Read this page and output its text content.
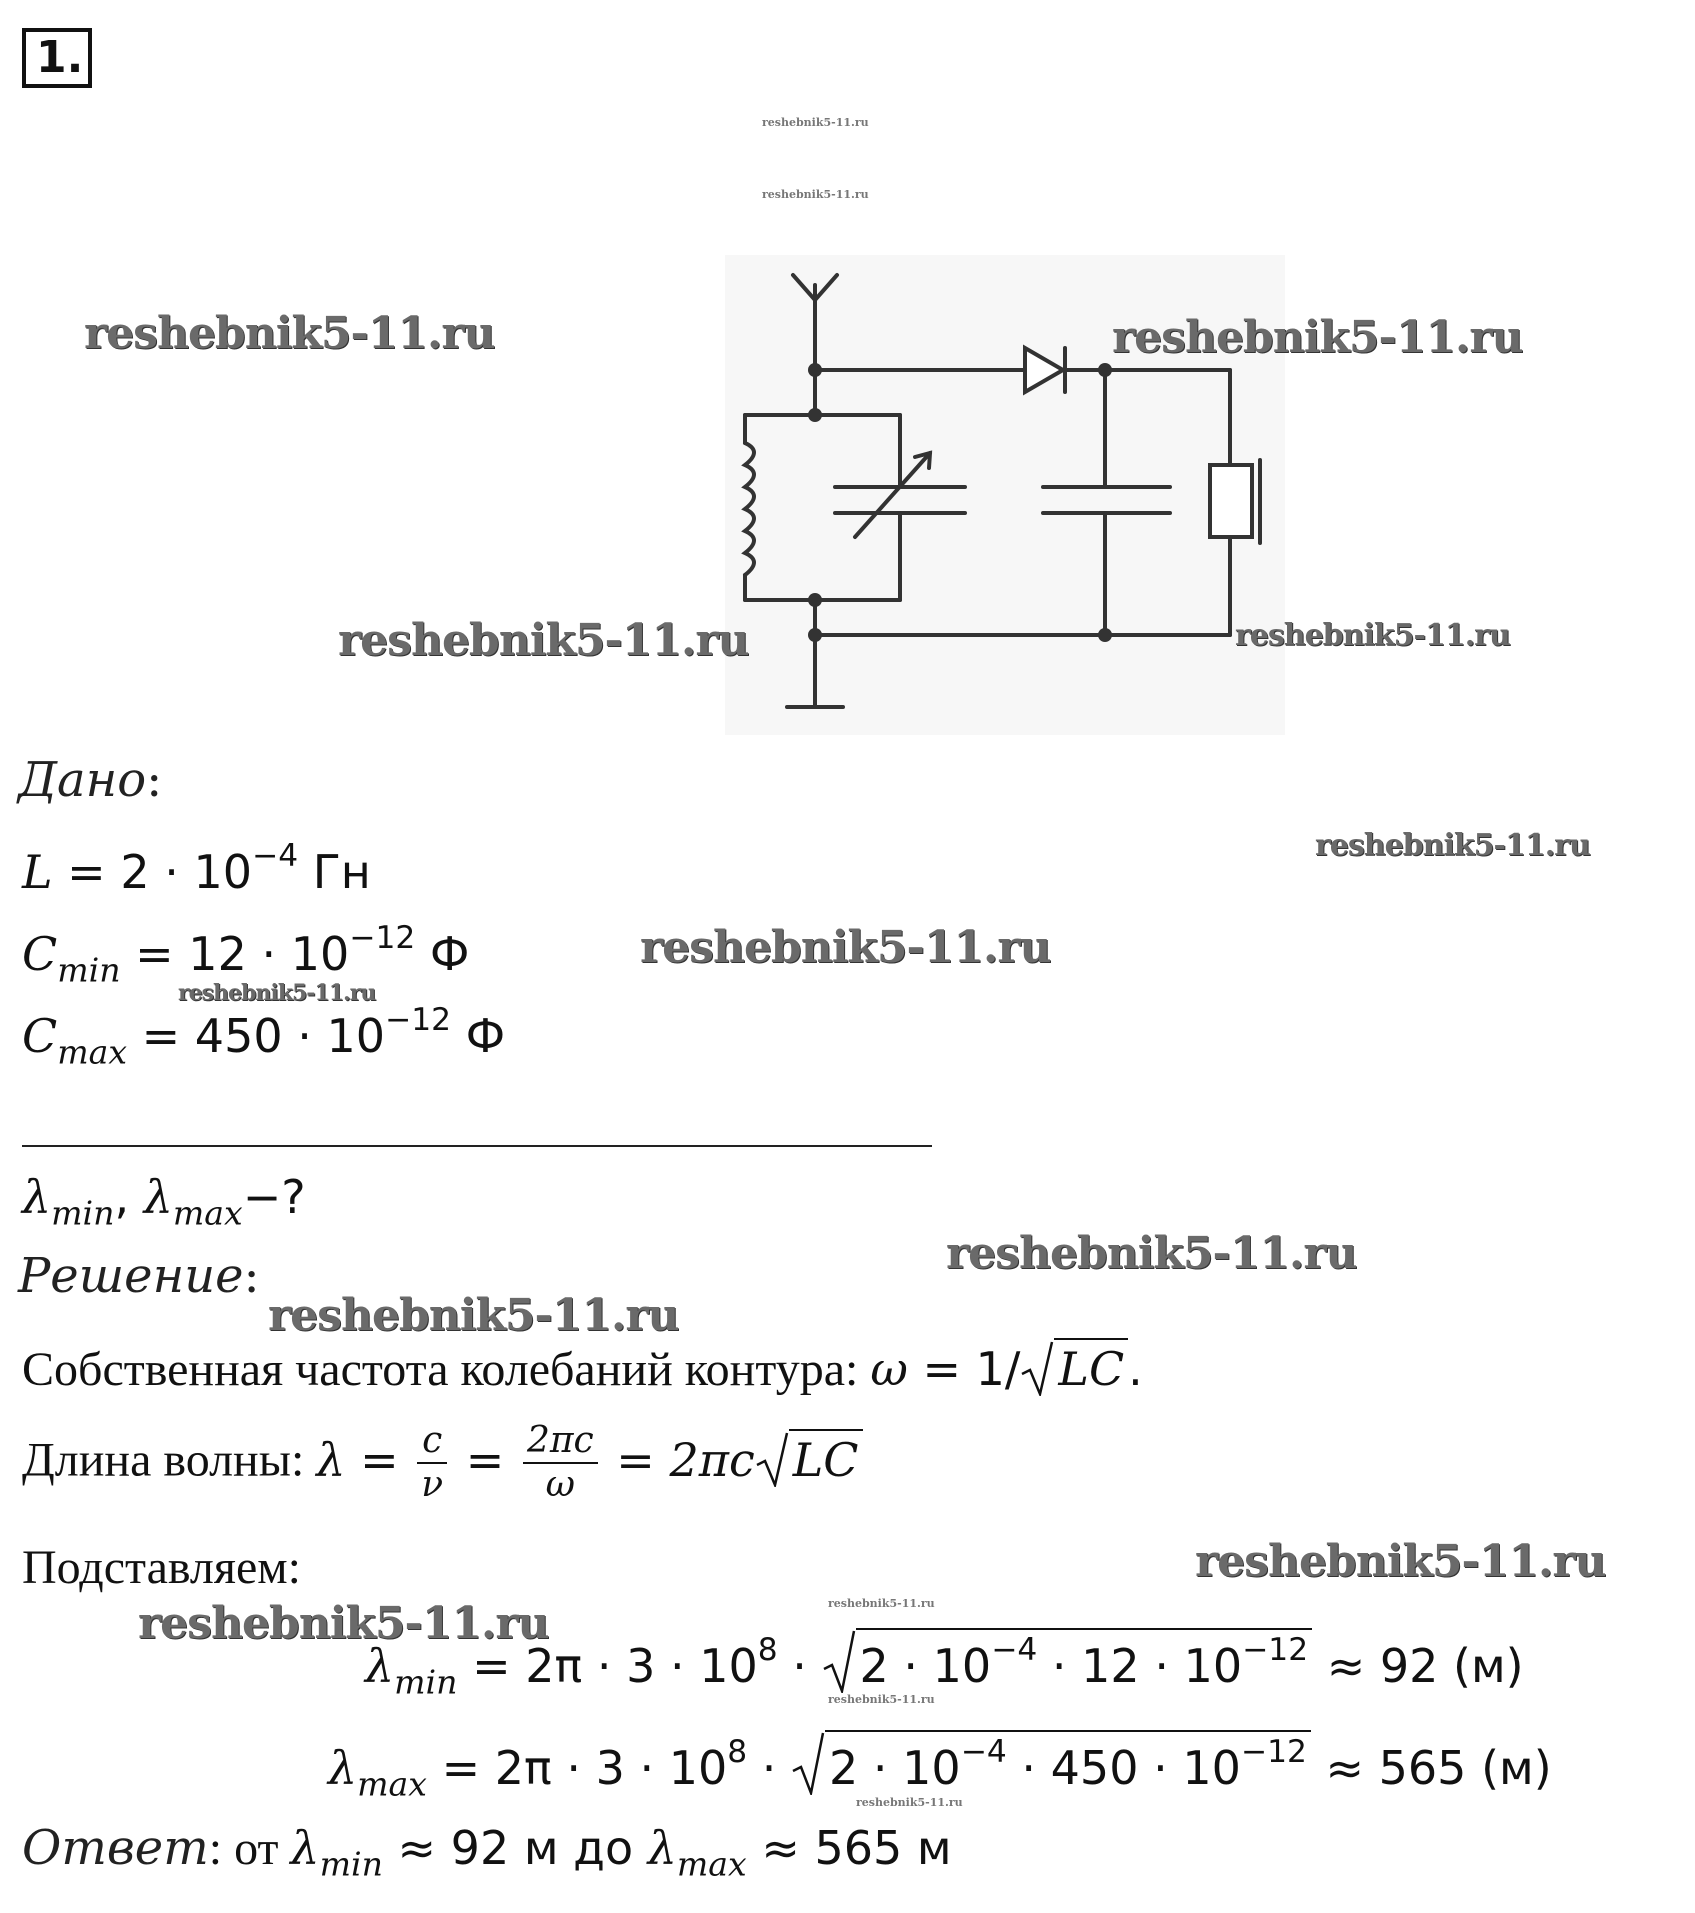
1.
reshebnik5-11.ru
reshebnik5-11.ru
reshebnik5-11.ru	reshebnik5-11.ru
reshebnik5-11.ru	reshebnik5-11.ru
Дано:
reshebnik5-11.ru
$L = 2 \cdot 10^{-4}$ Гн
$C_{min} = 12 \cdot 10^{-12}$ Ф	reshebnik5-11.ru
reshebnik5-11.ru
$C_{max} = 450 \cdot 10^{-12}$ Ф
$\lambda_{min}$, $\lambda_{max}-$?
reshebnik5-11.ru
Решение:
reshebnik5-11.ru
Собственная частота колебаний контура: ω = 1/ LC.
Длина волны: $\lambda = \frac{c}{\nu} = \frac{2\pi c}{\omega} = 2\pi c$ LC
Подставляем:	reshebnik5-11.ru
reshebnik5-11.ru	reshebnik5-11.ru
$\lambda_{min} = 2\pi \cdot 3 \cdot 10^8$ ·
$2 \cdot 10^{-4} \cdot 12 \cdot 10^{-12} \approx 92$ (м)
reshebnik5-11.ru
$\lambda_{max} = 2\pi \cdot 3 \cdot 10^8$ ·
$2 \cdot 10^{-4} \cdot 450 \cdot 10^{-12} \approx 565$ (м)
reshebnik5-11.ru
Ответ: от $\lambda_{min} \approx 92$ м до $\lambda_{max} \approx 565$ м
